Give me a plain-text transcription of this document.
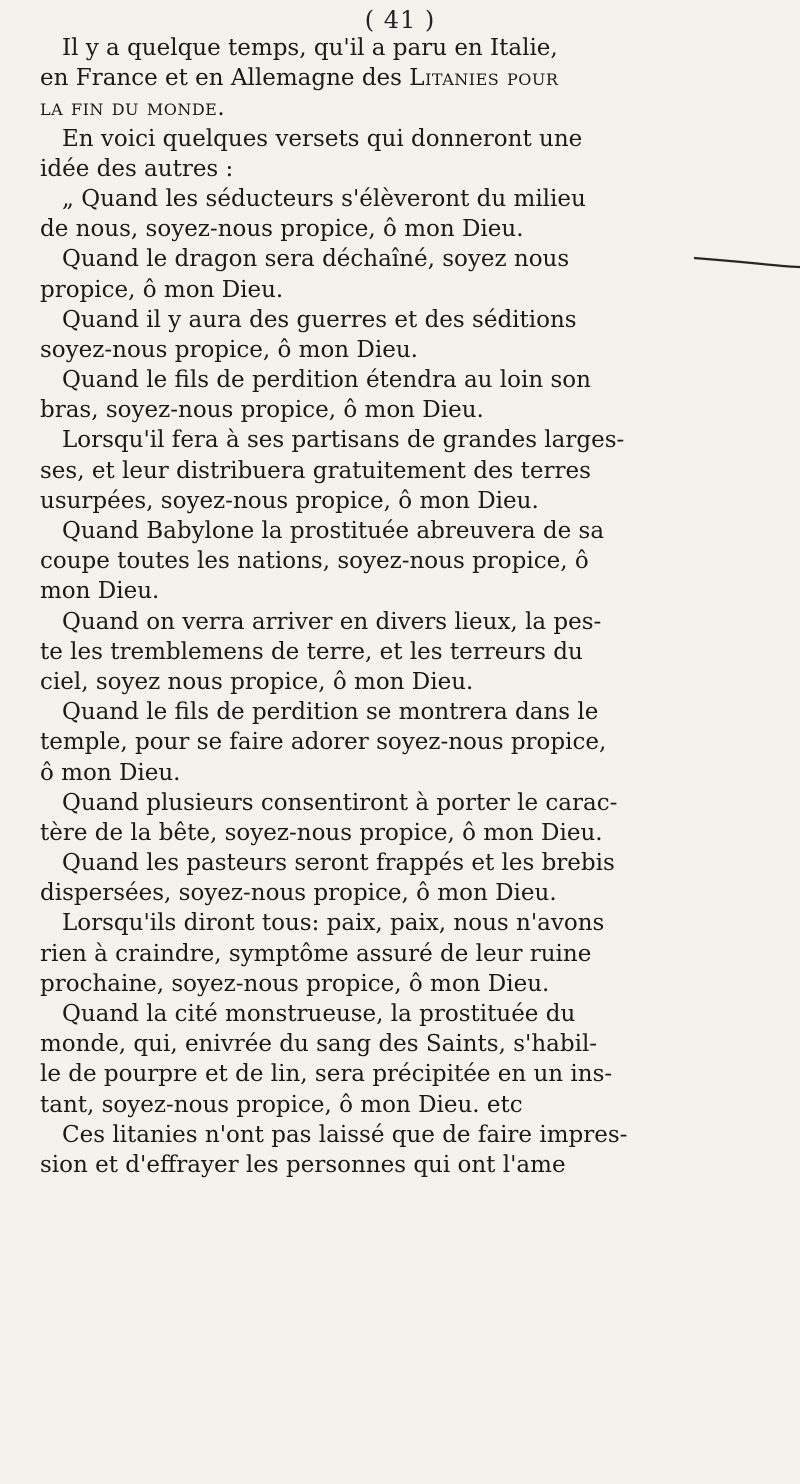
( 41 )
Il y a quelque temps, qu'il a paru en Italie,
en France et en Allemagne des Litanies pour
la fin du monde.
En voici quelques versets qui donneront une
idée des autres :
„ Quand les séducteurs s'élèveront du milieu
de nous, soyez-nous propice, ô mon Dieu.
Quand le dragon sera déchaîné, soyez nous
propice, ô mon Dieu.
Quand il y aura des guerres et des séditions
soyez-nous propice, ô mon Dieu.
Quand le fils de perdition étendra au loin son
bras, soyez-nous propice, ô mon Dieu.
Lorsqu'il fera à ses partisans de grandes larges-
ses, et leur distribuera gratuitement des terres
usurpées, soyez-nous propice, ô mon Dieu.
Quand Babylone la prostituée abreuvera de sa
coupe toutes les nations, soyez-nous propice, ô
mon Dieu.
Quand on verra arriver en divers lieux, la pes-
te les tremblemens de terre, et les terreurs du
ciel, soyez nous propice, ô mon Dieu.
Quand le fils de perdition se montrera dans le
temple, pour se faire adorer soyez-nous propice,
ô mon Dieu.
Quand plusieurs consentiront à porter le carac-
tère de la bête, soyez-nous propice, ô mon Dieu.
Quand les pasteurs seront frappés et les brebis
dispersées, soyez-nous propice, ô mon Dieu.
Lorsqu'ils diront tous: paix, paix, nous n'avons
rien à craindre, symptôme assuré de leur ruine
prochaine, soyez-nous propice, ô mon Dieu.
Quand la cité monstrueuse, la prostituée du
monde, qui, enivrée du sang des Saints, s'habil-
le de pourpre et de lin, sera précipitée en un ins-
tant, soyez-nous propice, ô mon Dieu. etc
Ces litanies n'ont pas laissé que de faire impres-
sion et d'effrayer les personnes qui ont l'ame
